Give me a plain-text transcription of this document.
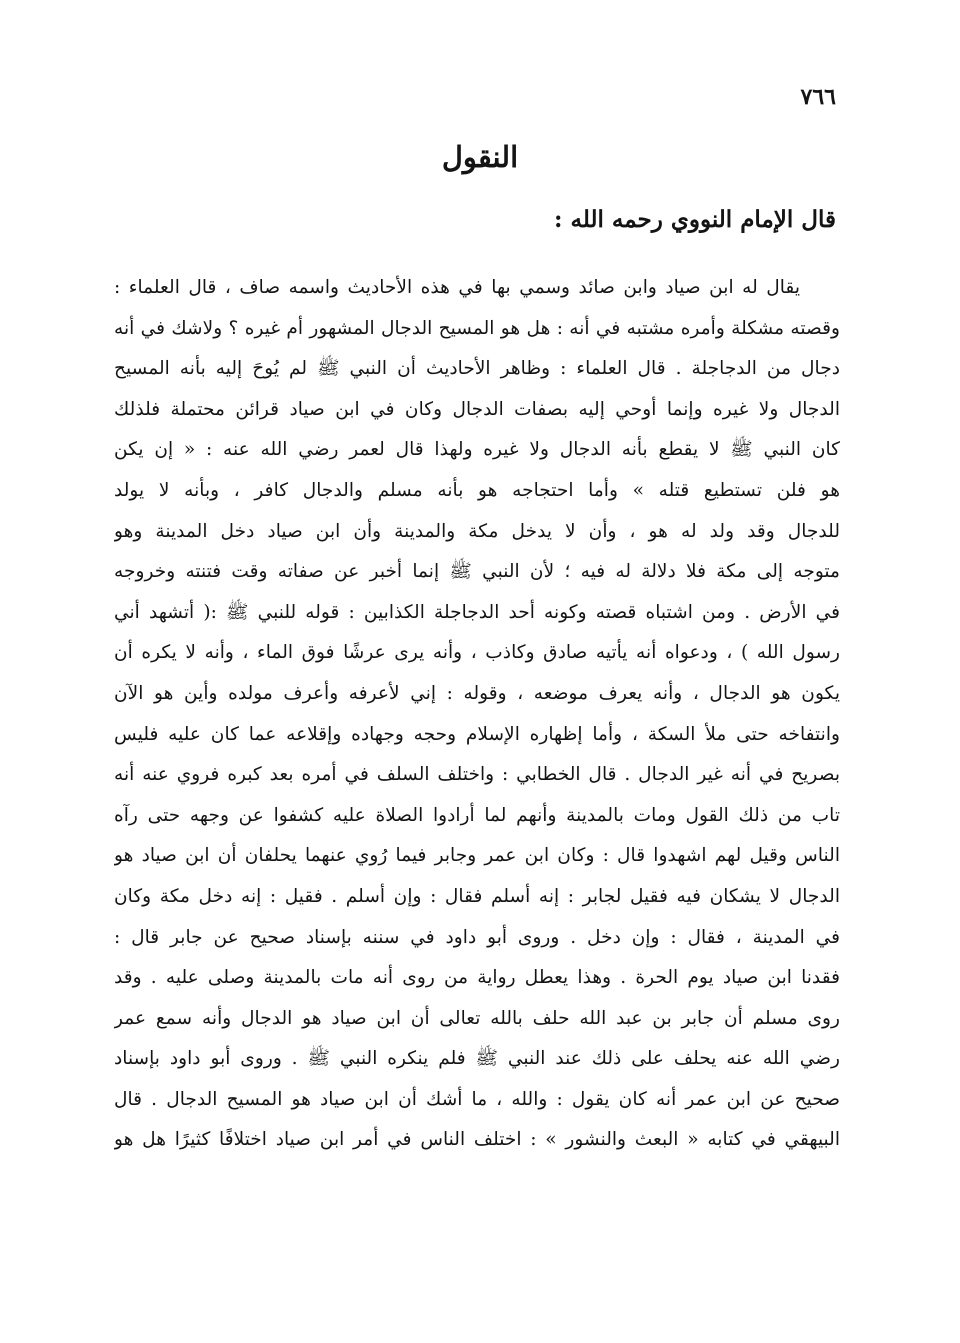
٧٦٦
النقول
قال الإمام النووي رحمه الله :
يقال له ابن صياد وابن صائد وسمي بها في هذه الأحاديث واسمه صاف ، قال العلماء :
وقصته مشكلة وأمره مشتبه في أنه : هل هو المسيح الدجال المشهور أم غيره ؟ ولاشك في أنه
دجال من الدجاجلة . قال العلماء : وظاهر الأحاديث أن النبي ﷺ لم يُوحَ إليه بأنه المسيح
الدجال ولا غيره وإنما أوحي إليه بصفات الدجال وكان في ابن صياد قرائن محتملة فلذلك
كان النبي ﷺ لا يقطع بأنه الدجال ولا غيره ولهذا قال لعمر رضي الله عنه : « إن يكن
هو فلن تستطيع قتله » وأما احتجاجه هو بأنه مسلم والدجال كافر ، وبأنه لا يولد
للدجال وقد ولد له هو ، وأن لا يدخل مكة والمدينة وأن ابن صياد دخل المدينة وهو
متوجه إلى مكة فلا دلالة له فيه ؛ لأن النبي ﷺ إنما أخبر عن صفاته وقت فتنته وخروجه
في الأرض . ومن اشتباه قصته وكونه أحد الدجاجلة الكذابين : قوله للنبي ﷺ :( أتشهد أني
رسول الله ) ، ودعواه أنه يأتيه صادق وكاذب ، وأنه يرى عرشًا فوق الماء ، وأنه لا يكره أن
يكون هو الدجال ، وأنه يعرف موضعه ، وقوله : إني لأعرفه وأعرف مولده وأين هو الآن
وانتفاخه حتى ملأ السكة ، وأما إظهاره الإسلام وحجه وجهاده وإقلاعه عما كان عليه فليس
بصريح في أنه غير الدجال . قال الخطابي : واختلف السلف في أمره بعد كبره فروي عنه أنه
تاب من ذلك القول ومات بالمدينة وأنهم لما أرادوا الصلاة عليه كشفوا عن وجهه حتى رآه
الناس وقيل لهم اشهدوا قال : وكان ابن عمر وجابر فيما رُوي عنهما يحلفان أن ابن صياد هو
الدجال لا يشكان فيه فقيل لجابر : إنه أسلم فقال : وإن أسلم . فقيل : إنه دخل مكة وكان
في المدينة ، فقال : وإن دخل . وروى أبو داود في سننه بإسناد صحيح عن جابر قال :
فقدنا ابن صياد يوم الحرة . وهذا يعطل رواية من روى أنه مات بالمدينة وصلى عليه . وقد
روى مسلم أن جابر بن عبد الله حلف بالله تعالى أن ابن صياد هو الدجال وأنه سمع عمر
رضي الله عنه يحلف على ذلك عند النبي ﷺ فلم ينكره النبي ﷺ . وروى أبو داود بإسناد
صحيح عن ابن عمر أنه كان يقول : والله ، ما أشك أن ابن صياد هو المسيح الدجال . قال
البيهقي في كتابه « البعث والنشور » : اختلف الناس في أمر ابن صياد اختلافًا كثيرًا هل هو
